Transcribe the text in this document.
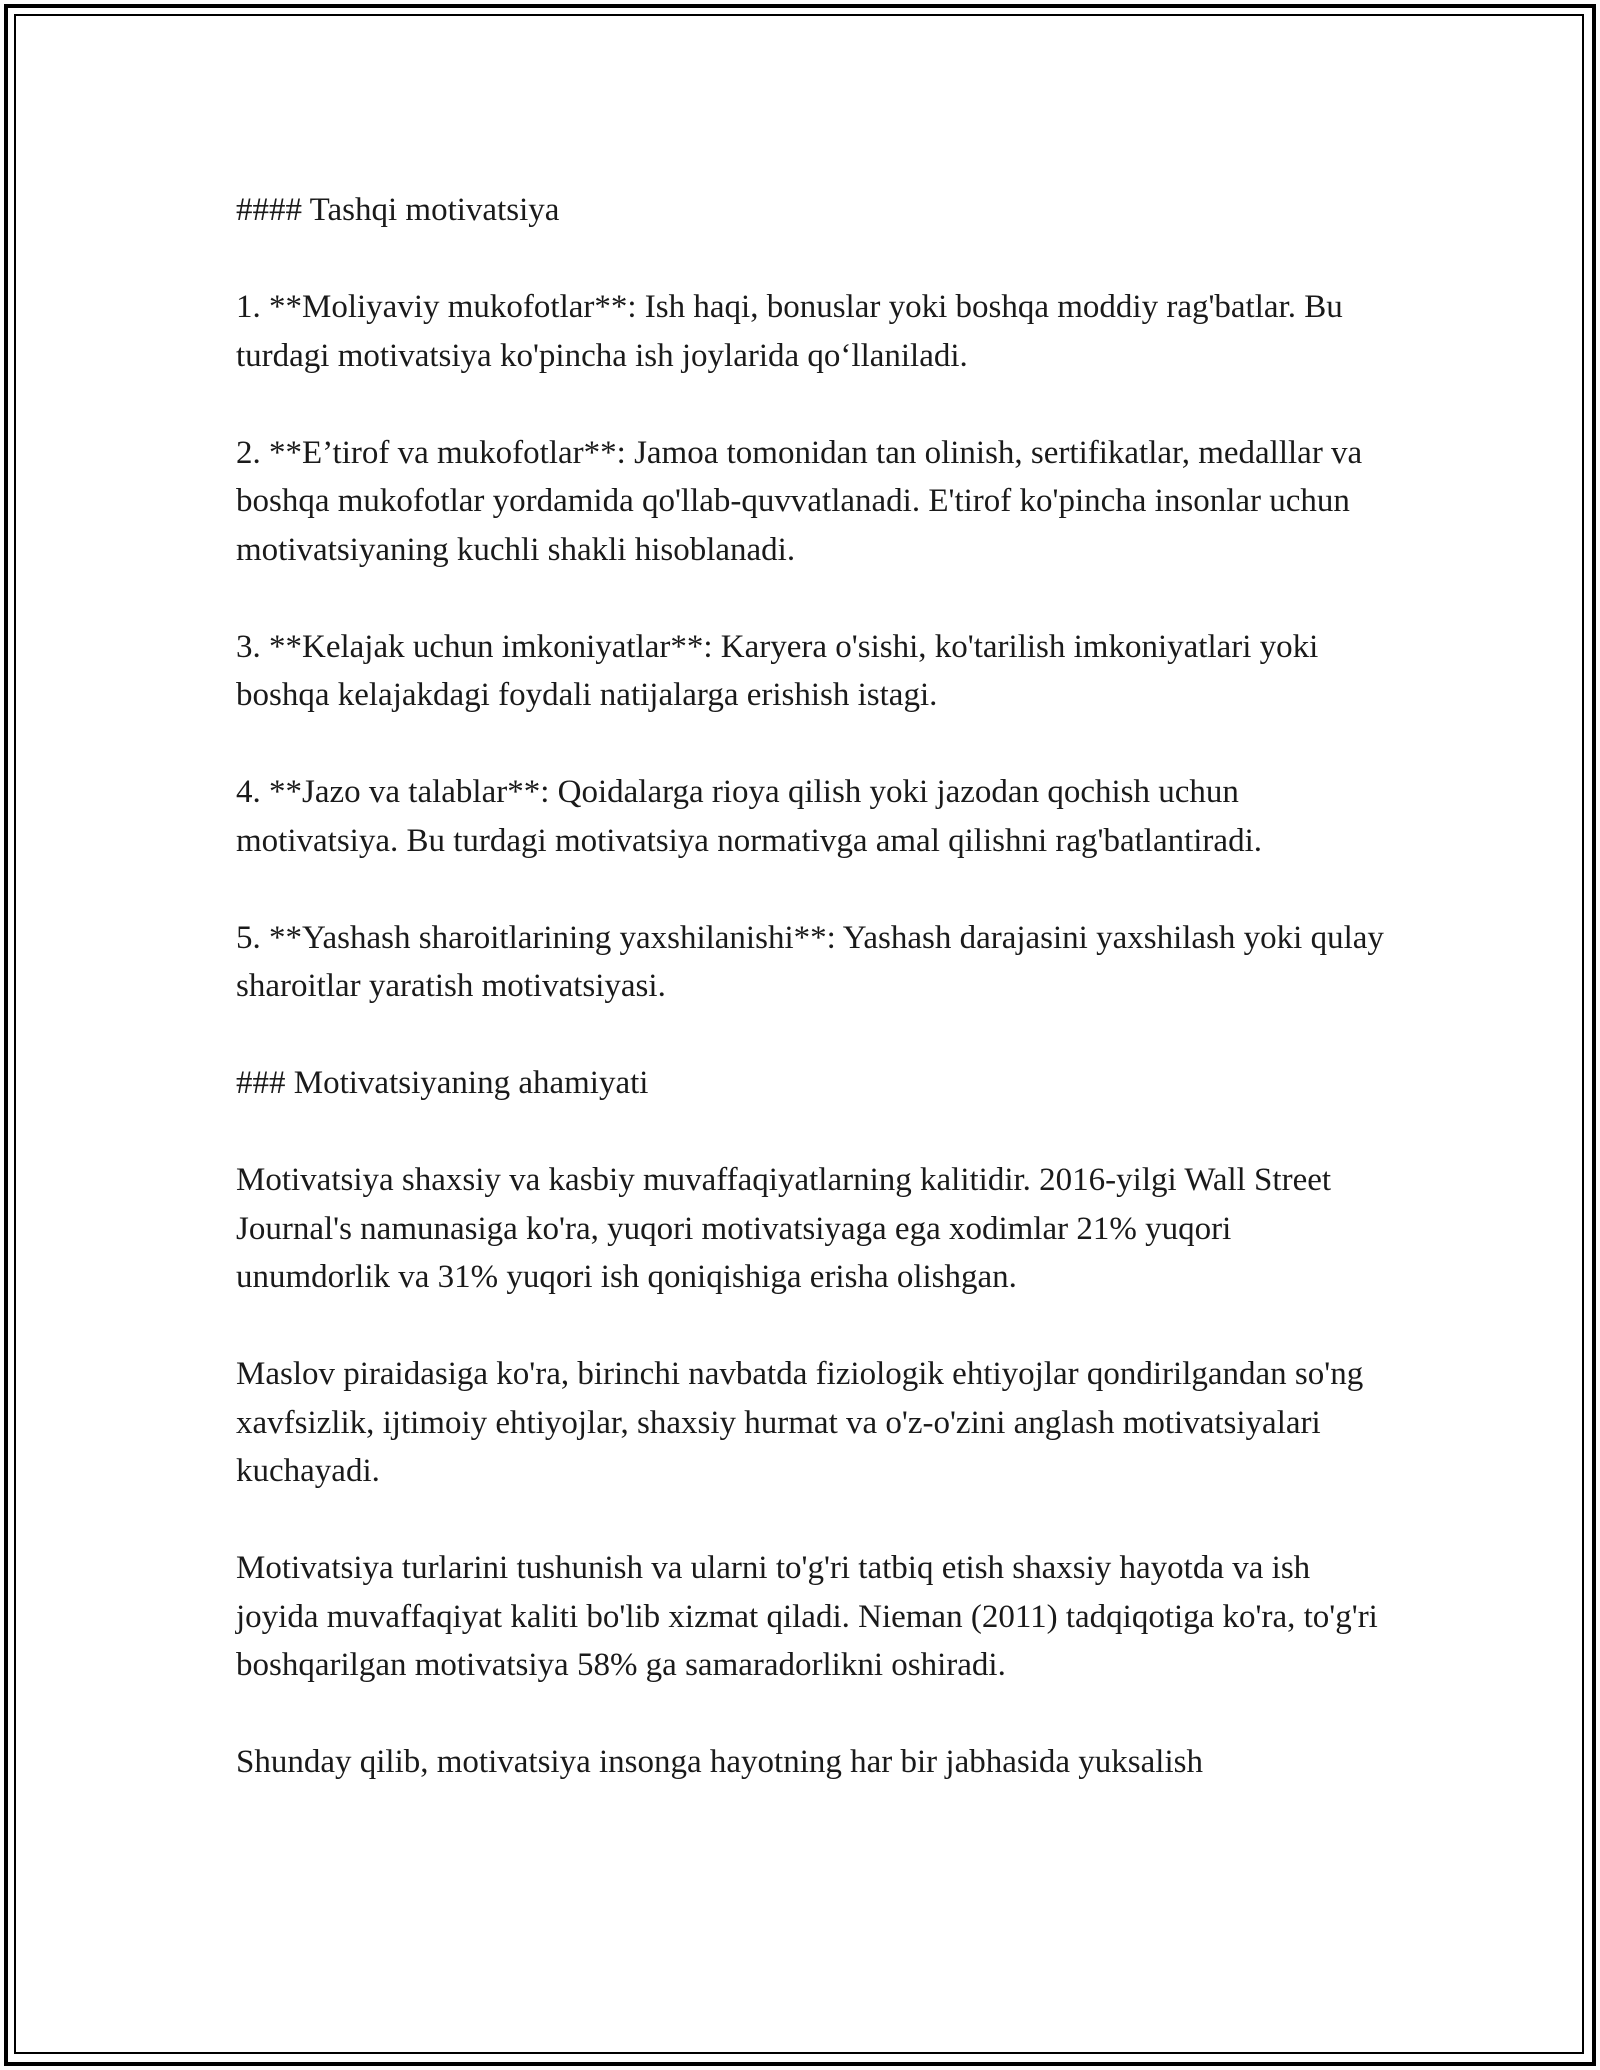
#### Tashqi motivatsiya

1. **Moliyaviy mukofotlar**: Ish haqi, bonuslar yoki boshqa moddiy rag'batlar. Bu turdagi motivatsiya ko'pincha ish joylarida qo‘llaniladi.

2. **E’tirof va mukofotlar**: Jamoa tomonidan tan olinish, sertifikatlar, medalllar va boshqa mukofotlar yordamida qo'llab-quvvatlanadi. E'tirof ko'pincha insonlar uchun motivatsiyaning kuchli shakli hisoblanadi.

3. **Kelajak uchun imkoniyatlar**: Karyera o'sishi, ko'tarilish imkoniyatlari yoki boshqa kelajakdagi foydali natijalarga erishish istagi.

4. **Jazo va talablar**: Qoidalarga rioya qilish yoki jazodan qochish uchun motivatsiya. Bu turdagi motivatsiya normativga amal qilishni rag'batlantiradi.

5. **Yashash sharoitlarining yaxshilanishi**: Yashash darajasini yaxshilash yoki qulay sharoitlar yaratish motivatsiyasi.

### Motivatsiyaning ahamiyati

Motivatsiya shaxsiy va kasbiy muvaffaqiyatlarning kalitidir. 2016-yilgi Wall Street Journal's namunasiga ko'ra, yuqori motivatsiyaga ega xodimlar 21% yuqori unumdorlik va 31% yuqori ish qoniqishiga erisha olishgan.

Maslov piraidasiga ko'ra, birinchi navbatda fiziologik ehtiyojlar qondirilgandan so'ng xavfsizlik, ijtimoiy ehtiyojlar, shaxsiy hurmat va o'z-o'zini anglash motivatsiyalari kuchayadi.

Motivatsiya turlarini tushunish va ularni to'g'ri tatbiq etish shaxsiy hayotda va ish joyida muvaffaqiyat kaliti bo'lib xizmat qiladi. Nieman (2011) tadqiqotiga ko'ra, to'g'ri boshqarilgan motivatsiya 58% ga samaradorlikni oshiradi.

Shunday qilib, motivatsiya insonga hayotning har bir jabhasida yuksalish
